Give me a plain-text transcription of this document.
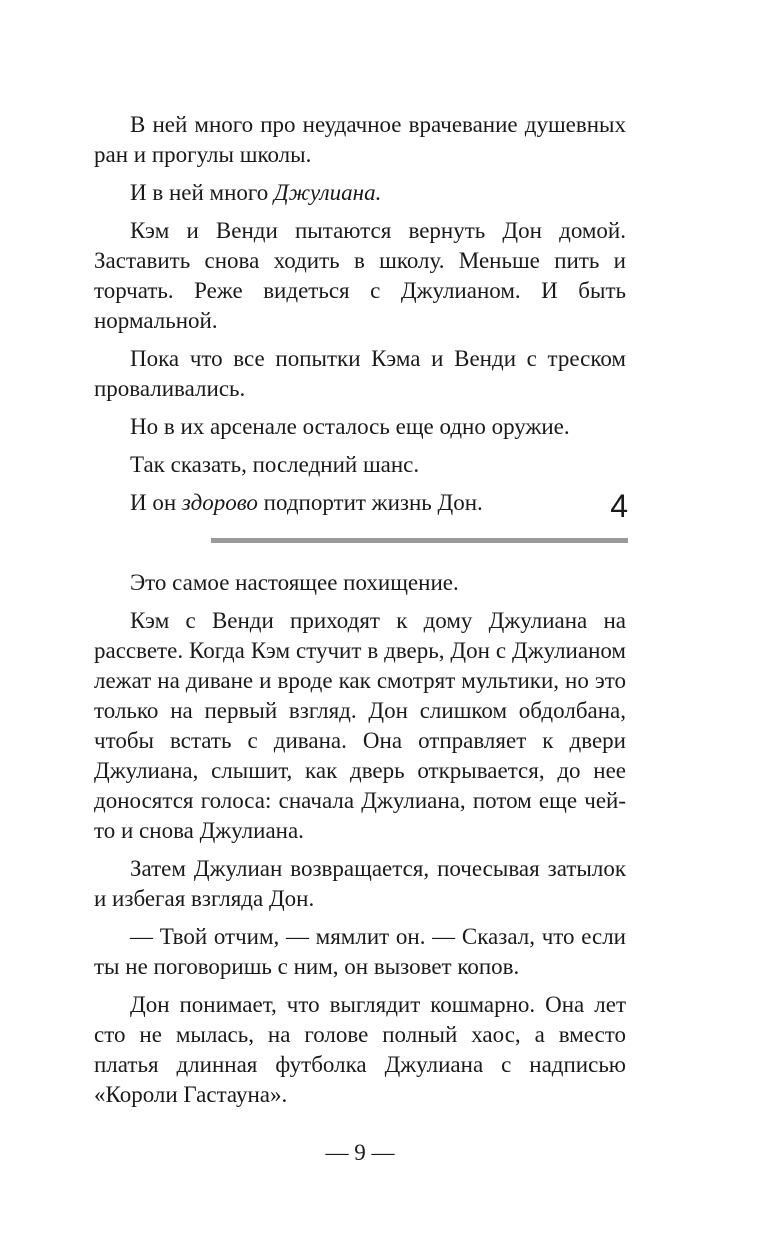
В ней много про неудачное врачевание душевных ран и прогулы школы.

И в ней много Джулиана.

Кэм и Венди пытаются вернуть Дон домой. Заставить снова ходить в школу. Меньше пить и торчать. Реже видеться с Джулианом. И быть нормальной.

Пока что все попытки Кэма и Венди с треском проваливались.

Но в их арсенале осталось еще одно оружие.

Так сказать, последний шанс.

И он здорово подпортит жизнь Дон.	4

Это самое настоящее похищение.

Кэм с Венди приходят к дому Джулиана на рассвете. Когда Кэм стучит в дверь, Дон с Джулианом лежат на диване и вроде как смотрят мультики, но это только на первый взгляд. Дон слишком обдолбана, чтобы встать с дивана. Она отправляет к двери Джулиана, слышит, как дверь открывается, до нее доносятся голоса: сначала Джулиана, потом еще чей-то и снова Джулиана.

Затем Джулиан возвращается, почесывая затылок и избегая взгляда Дон.

— Твой отчим, — мямлит он. — Сказал, что если ты не поговоришь с ним, он вызовет копов.

Дон понимает, что выглядит кошмарно. Она лет сто не мылась, на голове полный хаос, а вместо платья длинная футболка Джулиана с надписью «Короли Гастауна».

— 9 —
